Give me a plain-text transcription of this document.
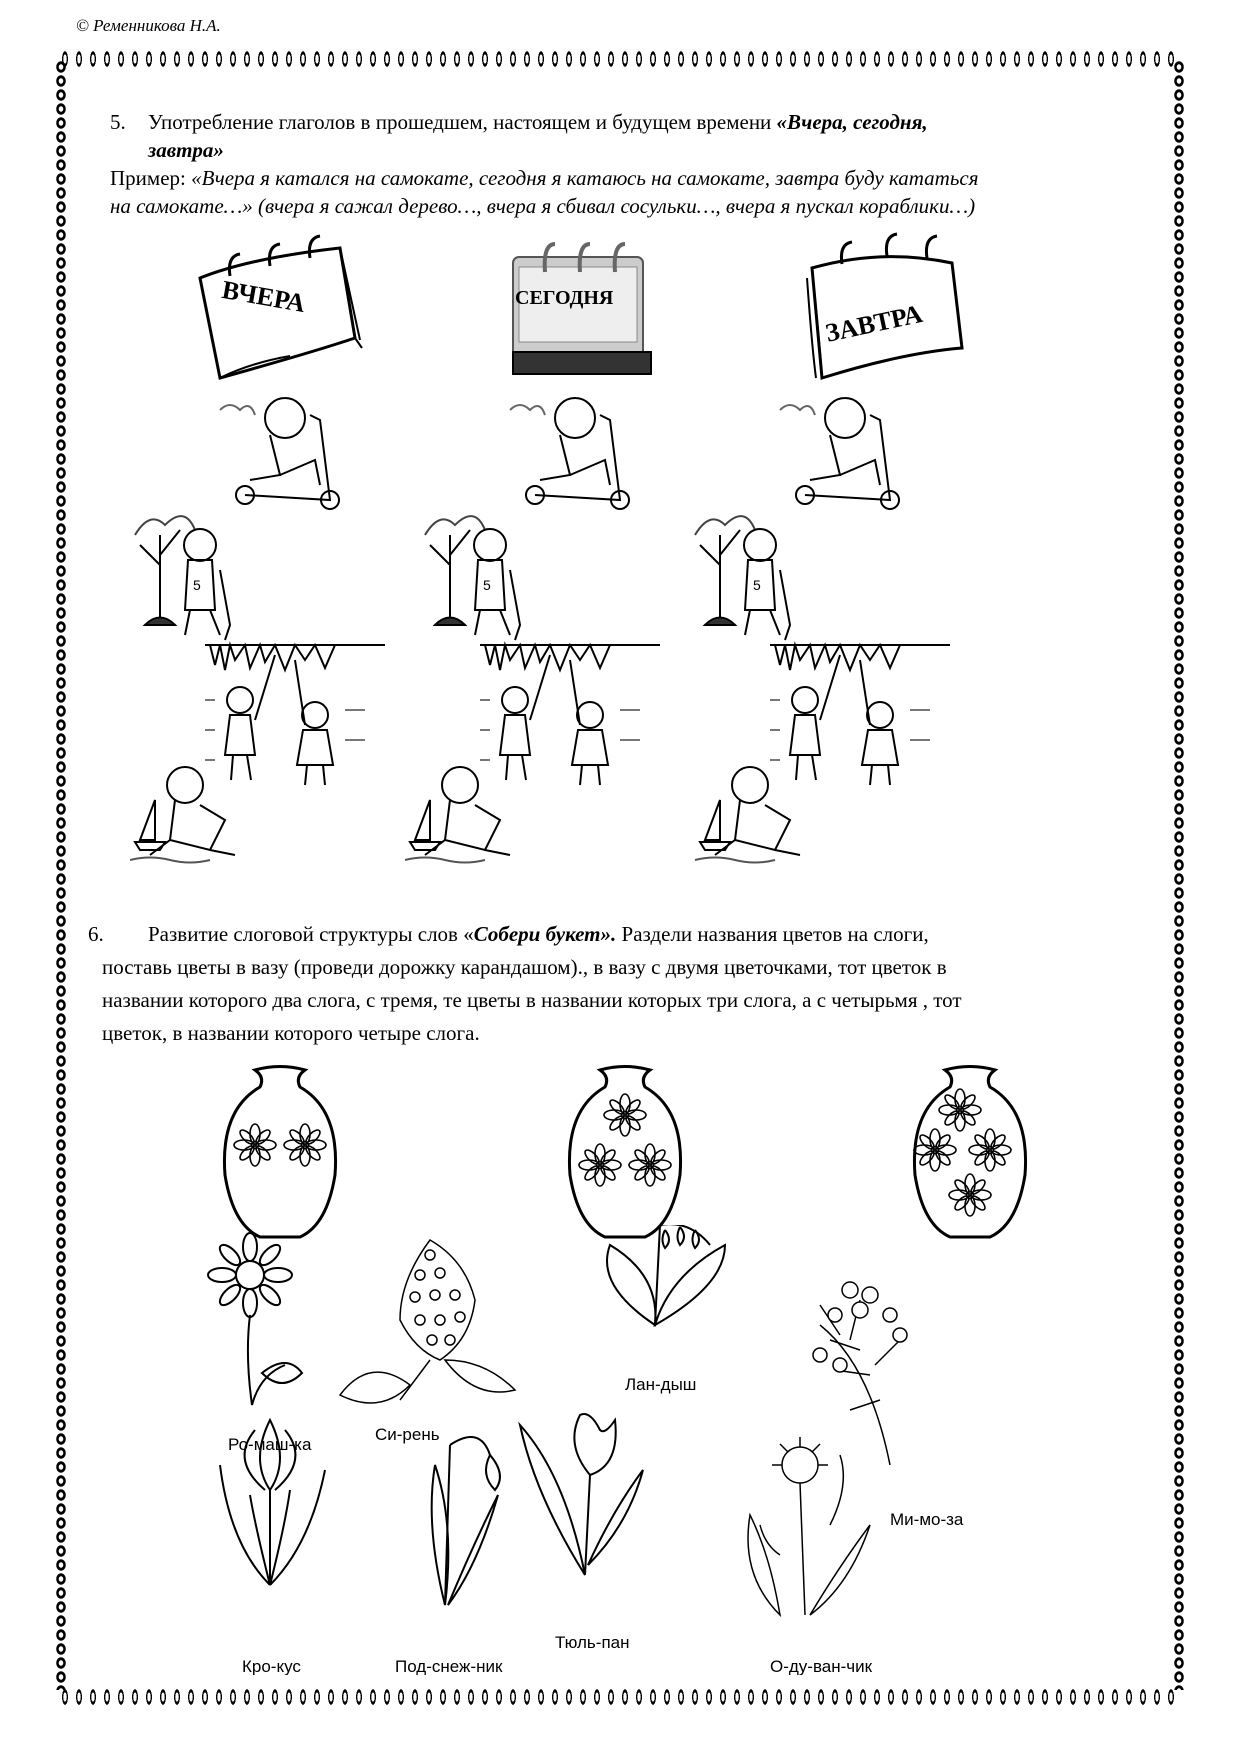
© Ременникова Н.А.
5. Употребление глаголов в прошедшем, настоящем и будущем времени «Вчера, сегодня,
завтра»
Пример: «Вчера я катался на самокате, сегодня я катаюсь на самокате, завтра буду кататься
на самокате…» (вчера я сажал дерево…, вчера я сбивал сосульки…, вчера я пускал кораблики…)
ВЧЕРА	СЕГОДНЯ
ЗАВТРА
5
6. Развитие слоговой структуры слов «Собери букет». Раздели названия цветов на слоги,
поставь цветы в вазу (проведи дорожку карандашом)., в вазу с двумя цветочками, тот цветок в
названии которого два слога, с тремя, те цветы в названии которых три слога, а с четырьмя , тот
цветок, в названии которого четыре слога.
Ро-маш-ка
Си-рень
Лан-дыш
Ми-мо-за
Кро-кус	Под-снеж-ник
Тюль-пан
О-ду-ван-чик
